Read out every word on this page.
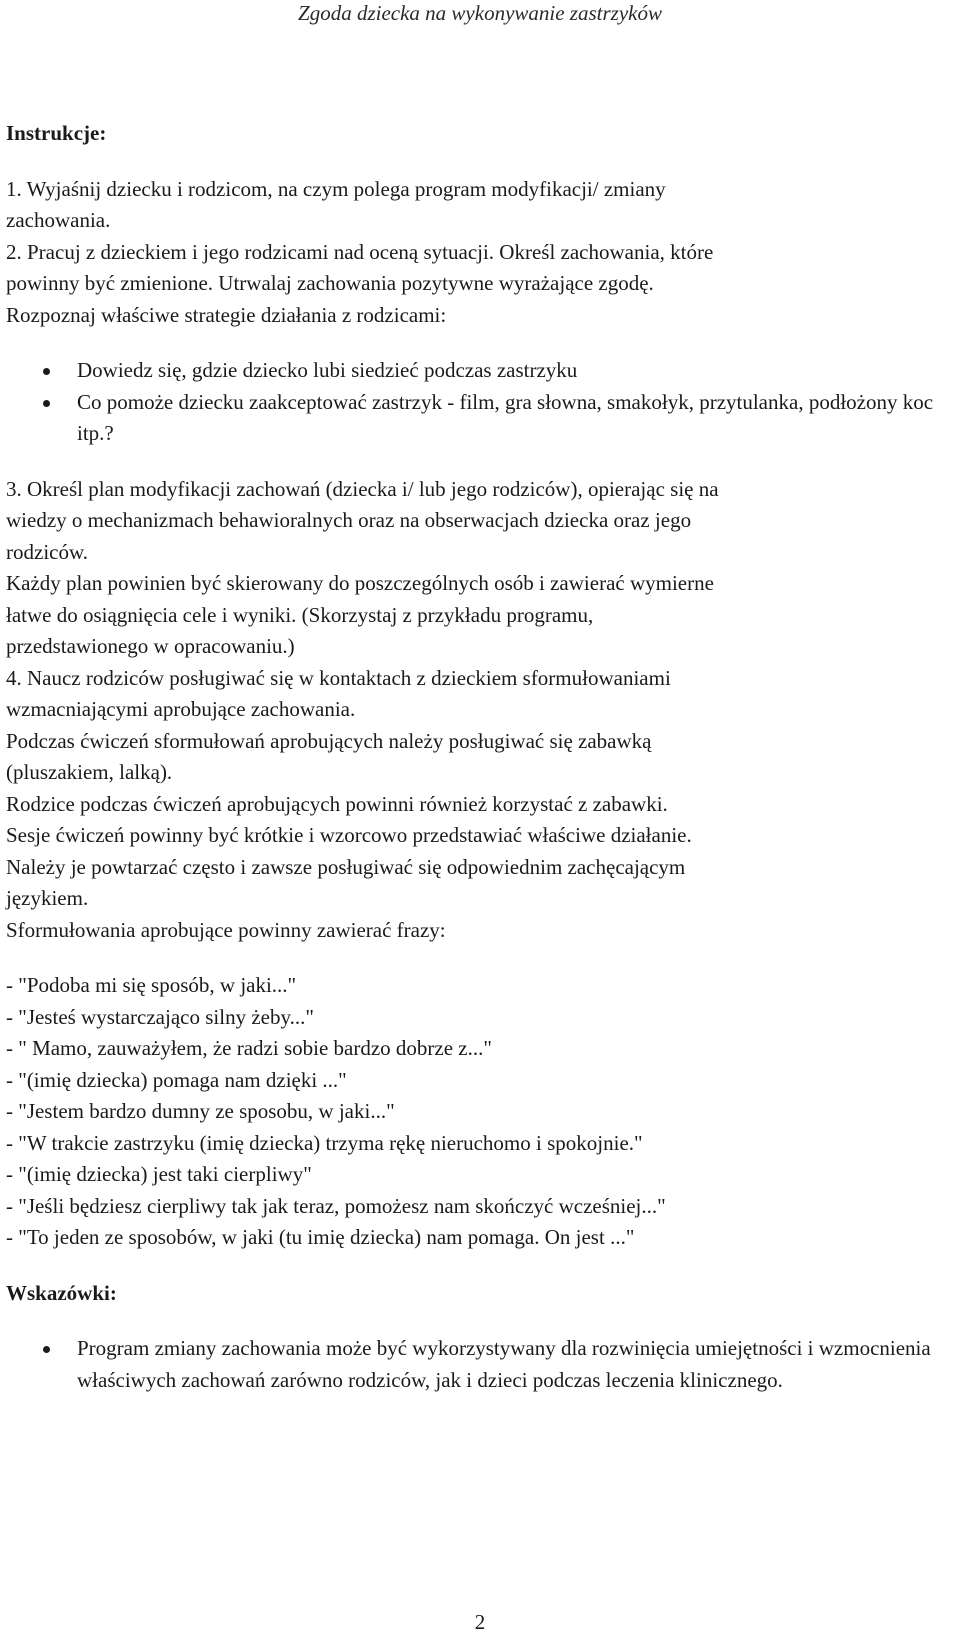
Zgoda dziecka na wykonywanie zastrzyków

Instrukcje:

1. Wyjaśnij dziecku i rodzicom, na czym polega program modyfikacji/ zmiany

zachowania.

2. Pracuj z dzieckiem i jego rodzicami nad oceną sytuacji. Określ zachowania, które

powinny być zmienione. Utrwalaj zachowania pozytywne wyrażające zgodę.

Rozpoznaj właściwe strategie działania z rodzicami:

Dowiedz się, gdzie dziecko lubi siedzieć podczas zastrzyku
Co pomoże dziecku zaakceptować zastrzyk - film, gra słowna, smakołyk, przytulanka, podłożony koc itp.?

3. Określ plan modyfikacji zachowań (dziecka i/ lub jego rodziców), opierając się na

wiedzy o mechanizmach behawioralnych oraz na obserwacjach dziecka oraz jego

rodziców.

Każdy plan powinien być skierowany do poszczególnych osób i zawierać wymierne

łatwe do osiągnięcia cele i wyniki. (Skorzystaj z przykładu programu,

przedstawionego w opracowaniu.)

4. Naucz rodziców posługiwać się w kontaktach z dzieckiem sformułowaniami

wzmacniającymi aprobujące zachowania.

Podczas ćwiczeń sformułowań aprobujących należy posługiwać się zabawką

(pluszakiem, lalką).

Rodzice podczas ćwiczeń aprobujących powinni również korzystać z zabawki.

Sesje ćwiczeń powinny być krótkie i wzorcowo przedstawiać właściwe działanie.

Należy je powtarzać często i zawsze posługiwać się odpowiednim zachęcającym

językiem.

Sformułowania aprobujące powinny zawierać frazy:

- "Podoba mi się sposób, w jaki..."

- "Jesteś wystarczająco silny żeby..."

- " Mamo, zauważyłem, że radzi sobie bardzo dobrze z..."

- "(imię dziecka) pomaga nam dzięki ..."

- "Jestem bardzo dumny ze sposobu, w jaki..."

- "W trakcie zastrzyku (imię dziecka) trzyma rękę nieruchomo i spokojnie."

- "(imię dziecka) jest taki cierpliwy"

- "Jeśli będziesz cierpliwy tak jak teraz, pomożesz nam skończyć wcześniej..."

- "To jeden ze sposobów, w jaki (tu imię dziecka) nam pomaga. On jest ..."

Wskazówki:

Program zmiany zachowania może być wykorzystywany dla rozwinięcia umiejętności i wzmocnienia właściwych zachowań zarówno rodziców, jak i dzieci podczas leczenia klinicznego.
2
